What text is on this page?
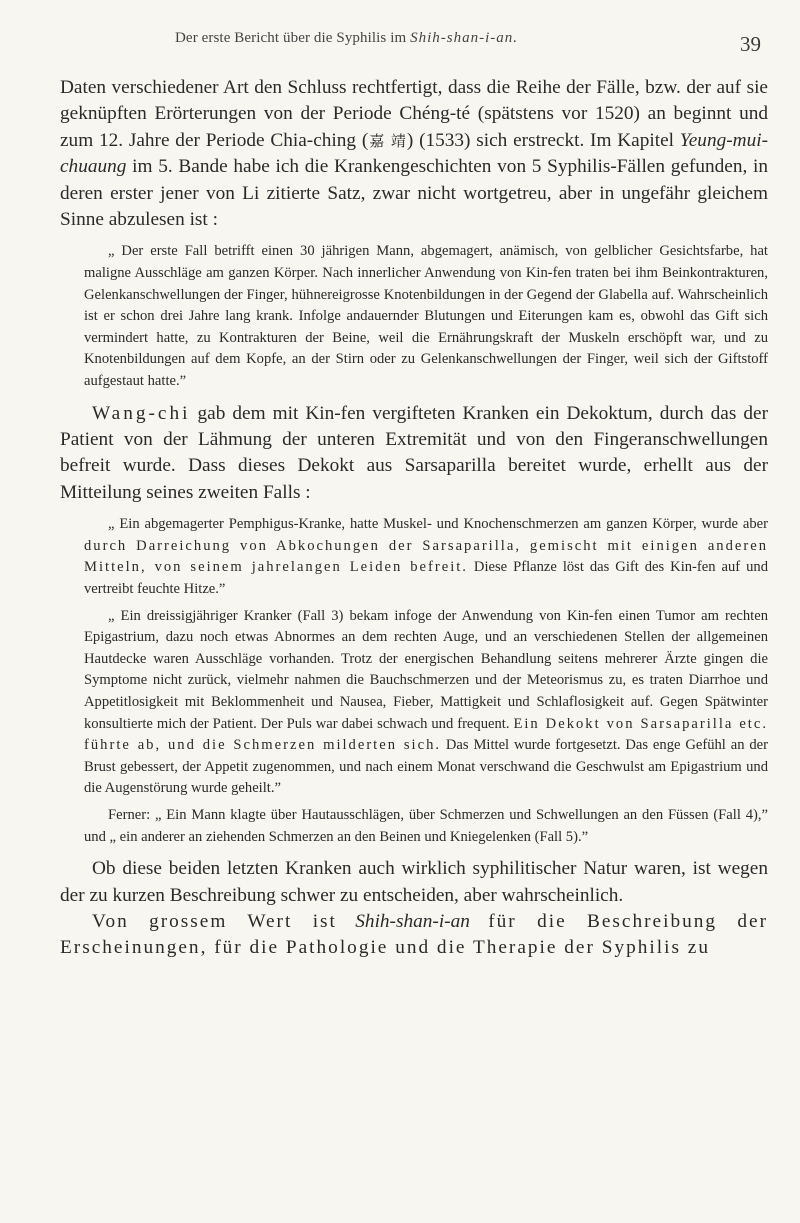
Der erste Bericht über die Syphilis im Shih-shan-i-an.	39

Daten verschiedener Art den Schluss rechtfertigt, dass die Reihe der Fälle, bzw. der auf sie geknüpften Erörterungen von der Periode Chéng-té (spätstens vor 1520) an beginnt und zum 12. Jahre der Periode Chia-ching (嘉 靖) (1533) sich erstreckt. Im Kapitel Yeung-mui-chuaung im 5. Bande habe ich die Krankengeschichten von 5 Syphilis-Fällen gefunden, in deren erster jener von Li zitierte Satz, zwar nicht wortgetreu, aber in ungefähr gleichem Sinne abzulesen ist :

„ Der erste Fall betrifft einen 30 jährigen Mann, abgemagert, anämisch, von gelblicher Gesichtsfarbe, hat maligne Ausschläge am ganzen Körper. Nach innerlicher Anwendung von Kin-fen traten bei ihm Beinkontrakturen, Gelenkanschwellungen der Finger, hühnereigrosse Knotenbildungen in der Gegend der Glabella auf. Wahrscheinlich ist er schon drei Jahre lang krank. Infolge andauernder Blutungen und Eiterungen kam es, obwohl das Gift sich vermindert hatte, zu Kontrakturen der Beine, weil die Ernährungskraft der Muskeln erschöpft war, und zu Knotenbildungen auf dem Kopfe, an der Stirn oder zu Gelenkanschwellungen der Finger, weil sich der Giftstoff aufgestaut hatte.”

Wang-chi gab dem mit Kin-fen vergifteten Kranken ein Dekoktum, durch das der Patient von der Lähmung der unteren Extremität und von den Fingeranschwellungen befreit wurde. Dass dieses Dekokt aus Sarsaparilla bereitet wurde, erhellt aus der Mitteilung seines zweiten Falls :

„ Ein abgemagerter Pemphigus-Kranke, hatte Muskel- und Knochenschmerzen am ganzen Körper, wurde aber durch Darreichung von Abkochungen der Sarsaparilla, gemischt mit einigen anderen Mitteln, von seinem jahrelangen Leiden befreit. Diese Pflanze löst das Gift des Kin-fen auf und vertreibt feuchte Hitze.”

„ Ein dreissigjähriger Kranker (Fall 3) bekam infoge der Anwendung von Kin-fen einen Tumor am rechten Epigastrium, dazu noch etwas Abnormes an dem rechten Auge, und an verschiedenen Stellen der allgemeinen Hautdecke waren Ausschläge vorhanden. Trotz der energischen Behandlung seitens mehrerer Ärzte gingen die Symptome nicht zurück, vielmehr nahmen die Bauchschmerzen und der Meteorismus zu, es traten Diarrhoe und Appetitlosigkeit mit Beklommenheit und Nausea, Fieber, Mattigkeit und Schlaflosigkeit auf. Gegen Spätwinter konsultierte mich der Patient. Der Puls war dabei schwach und frequent. Ein Dekokt von Sarsaparilla etc. führte ab, und die Schmerzen milderten sich. Das Mittel wurde fortgesetzt. Das enge Gefühl an der Brust gebessert, der Appetit zugenommen, und nach einem Monat verschwand die Geschwulst am Epigastrium und die Augenstörung wurde geheilt.”

Ferner: „ Ein Mann klagte über Hautausschlägen, über Schmerzen und Schwellungen an den Füssen (Fall 4),” und „ ein anderer an ziehenden Schmerzen an den Beinen und Kniegelenken (Fall 5).”

Ob diese beiden letzten Kranken auch wirklich syphilitischer Natur waren, ist wegen der zu kurzen Beschreibung schwer zu entscheiden, aber wahrscheinlich.

Von grossem Wert ist Shih-shan-i-an für die Beschreibung der Erscheinungen, für die Pathologie und die Therapie der Syphilis zu
